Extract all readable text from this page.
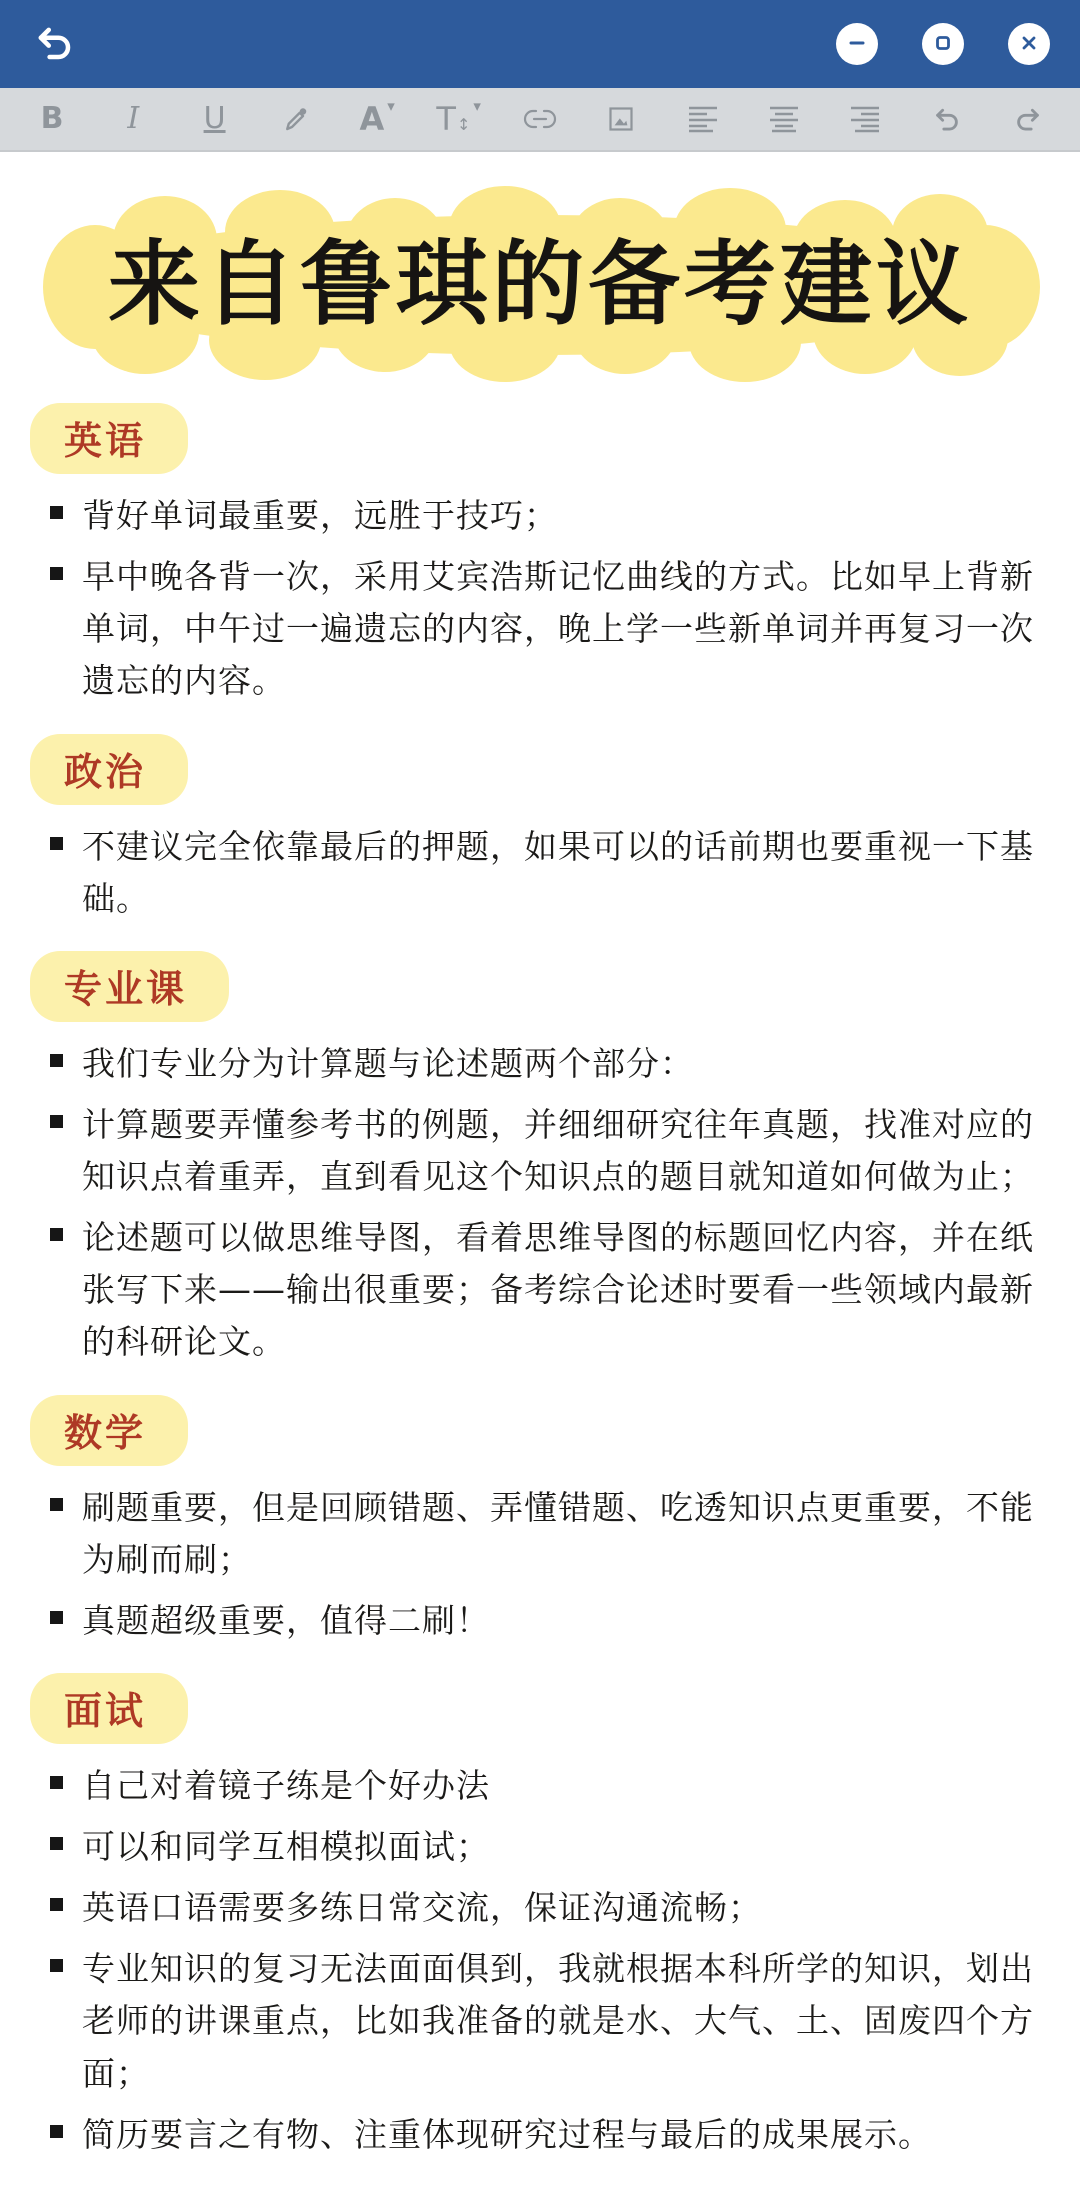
B	I	U	A
▾ T ↕
▾
来自鲁琪的备考建议
英语
背好单词最重要，远胜于技巧；
早中晚各背一次，采用艾宾浩斯记忆曲线的方式。比如早上背新单词，中午过一遍遗忘的内容，晚上学一些新单词并再复习一次遗忘的内容。
政治
不建议完全依靠最后的押题，如果可以的话前期也要重视一下基础。
专业课
我们专业分为计算题与论述题两个部分：
计算题要弄懂参考书的例题，并细细研究往年真题，找准对应的知识点着重弄，直到看见这个知识点的题目就知道如何做为止；
论述题可以做思维导图，看着思维导图的标题回忆内容，并在纸张写下来——输出很重要；备考综合论述时要看一些领域内最新的科研论文。
数学
刷题重要，但是回顾错题、弄懂错题、吃透知识点更重要，不能为刷而刷；
真题超级重要，值得二刷！
面试
自己对着镜子练是个好办法
可以和同学互相模拟面试；
英语口语需要多练日常交流，保证沟通流畅；
专业知识的复习无法面面俱到，我就根据本科所学的知识，划出老师的讲课重点，比如我准备的就是水、大气、土、固废四个方面；
简历要言之有物、注重体现研究过程与最后的成果展示。
